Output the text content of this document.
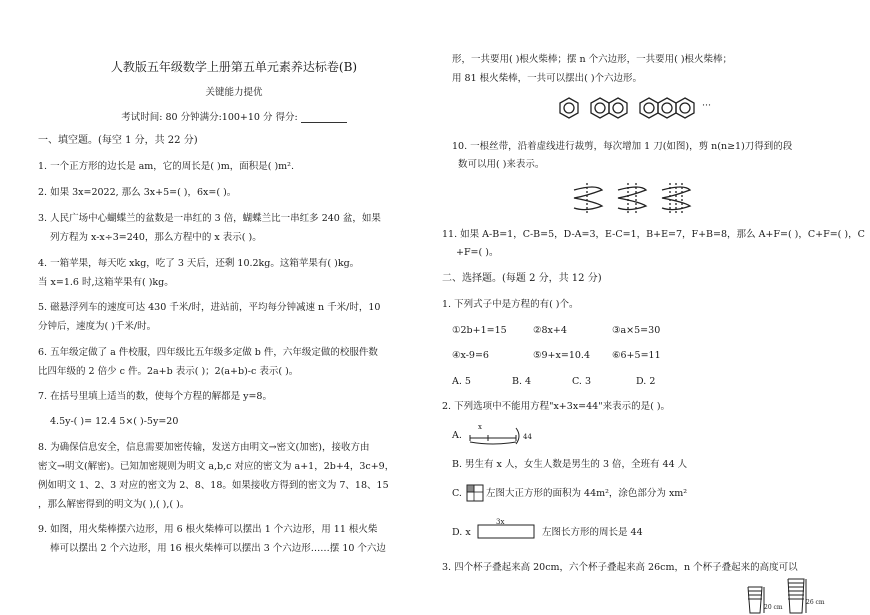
人教版五年级数学上册第五单元素养达标卷(B)
关键能力提优
考试时间: 80 分钟满分:100+10 分 得分:
一、填空题。(每空 1 分，共 22 分)
1. 一个正方形的边长是 am，它的周长是( )m，面积是( )m².
2. 如果 3x=2022, 那么 3x+5=( )，6x=( )。
3. 人民广场中心蝴蝶兰的盆数是一串红的 3 倍，蝴蝶兰比一串红多 240 盆，如果
列方程为 x-x÷3=240，那么方程中的 x 表示( )。
4. 一箱苹果，每天吃 xkg，吃了 3 天后，还剩 10.2kg。这箱苹果有( )kg。
当 x=1.6 时,这箱苹果有( )kg。
5. 磁悬浮列车的速度可达 430 千米/时，进站前，平均每分钟减速 n 千米/时，10
分钟后，速度为( )千米/时。
6. 五年级定做了 a 件校服，四年级比五年级多定做 b 件，六年级定做的校服件数
比四年级的 2 倍少 c 件。2a+b 表示( )；2(a+b)-c 表示( )。
7. 在括号里填上适当的数，使每个方程的解都是 y=8。
4.5y-( )= 12.4 5×( )-5y=20
8. 为确保信息安全，信息需要加密传输，发送方由明文→密文(加密)，接收方由
密文→明文(解密)。已知加密规则为明文 a,b,c 对应的密文为 a+1，2b+4，3c+9，
例如明文 1、2、3 对应的密文为 2、8、18。如果接收方得到的密文为 7、18、15
，那么解密得到的明文为( ),( ),( )。
9. 如图，用火柴棒摆六边形，用 6 根火柴棒可以摆出 1 个六边形，用 11 根火柴
棒可以摆出 2 个六边形，用 16 根火柴棒可以摆出 3 个六边形……摆 10 个六边
形，一共要用( )根火柴棒；摆 n 个六边形，一共要用( )根火柴棒；
用 81 根火柴棒，一共可以摆出( )个六边形。
···
10. 一根丝带，沿着虚线进行裁剪，每次增加 1 刀(如图)，剪 n(n≥1)刀得到的段
数可以用( )来表示。
11. 如果 A-B=1，C-B=5，D-A=3，E-C=1，B+E=7，F+B=8，那么 A+F=( )，C+F=( )，C
+F=( )。
二、选择题。(每题 2 分，共 12 分)
1. 下列式子中是方程的有( )个。
①2b+1=15	②8x+4	③a×5=30
④x-9=6	⑤9+x=10.4 ⑥6+5=11
A. 5	B. 4	C. 3	D. 2
2. 下列选项中不能用方程"x+3x=44"来表示的是( )。
A.
x
44
B. 男生有 x 人，女生人数是男生的 3 倍，全班有 44 人
C.	左图大正方形的面积为 44m²，涂色部分为 xm²
D. x
3x
左图长方形的周长是 44
3. 四个杯子叠起来高 20cm，六个杯子叠起来高 26cm，n 个杯子叠起来的高度可以
20 cm
26 cm
